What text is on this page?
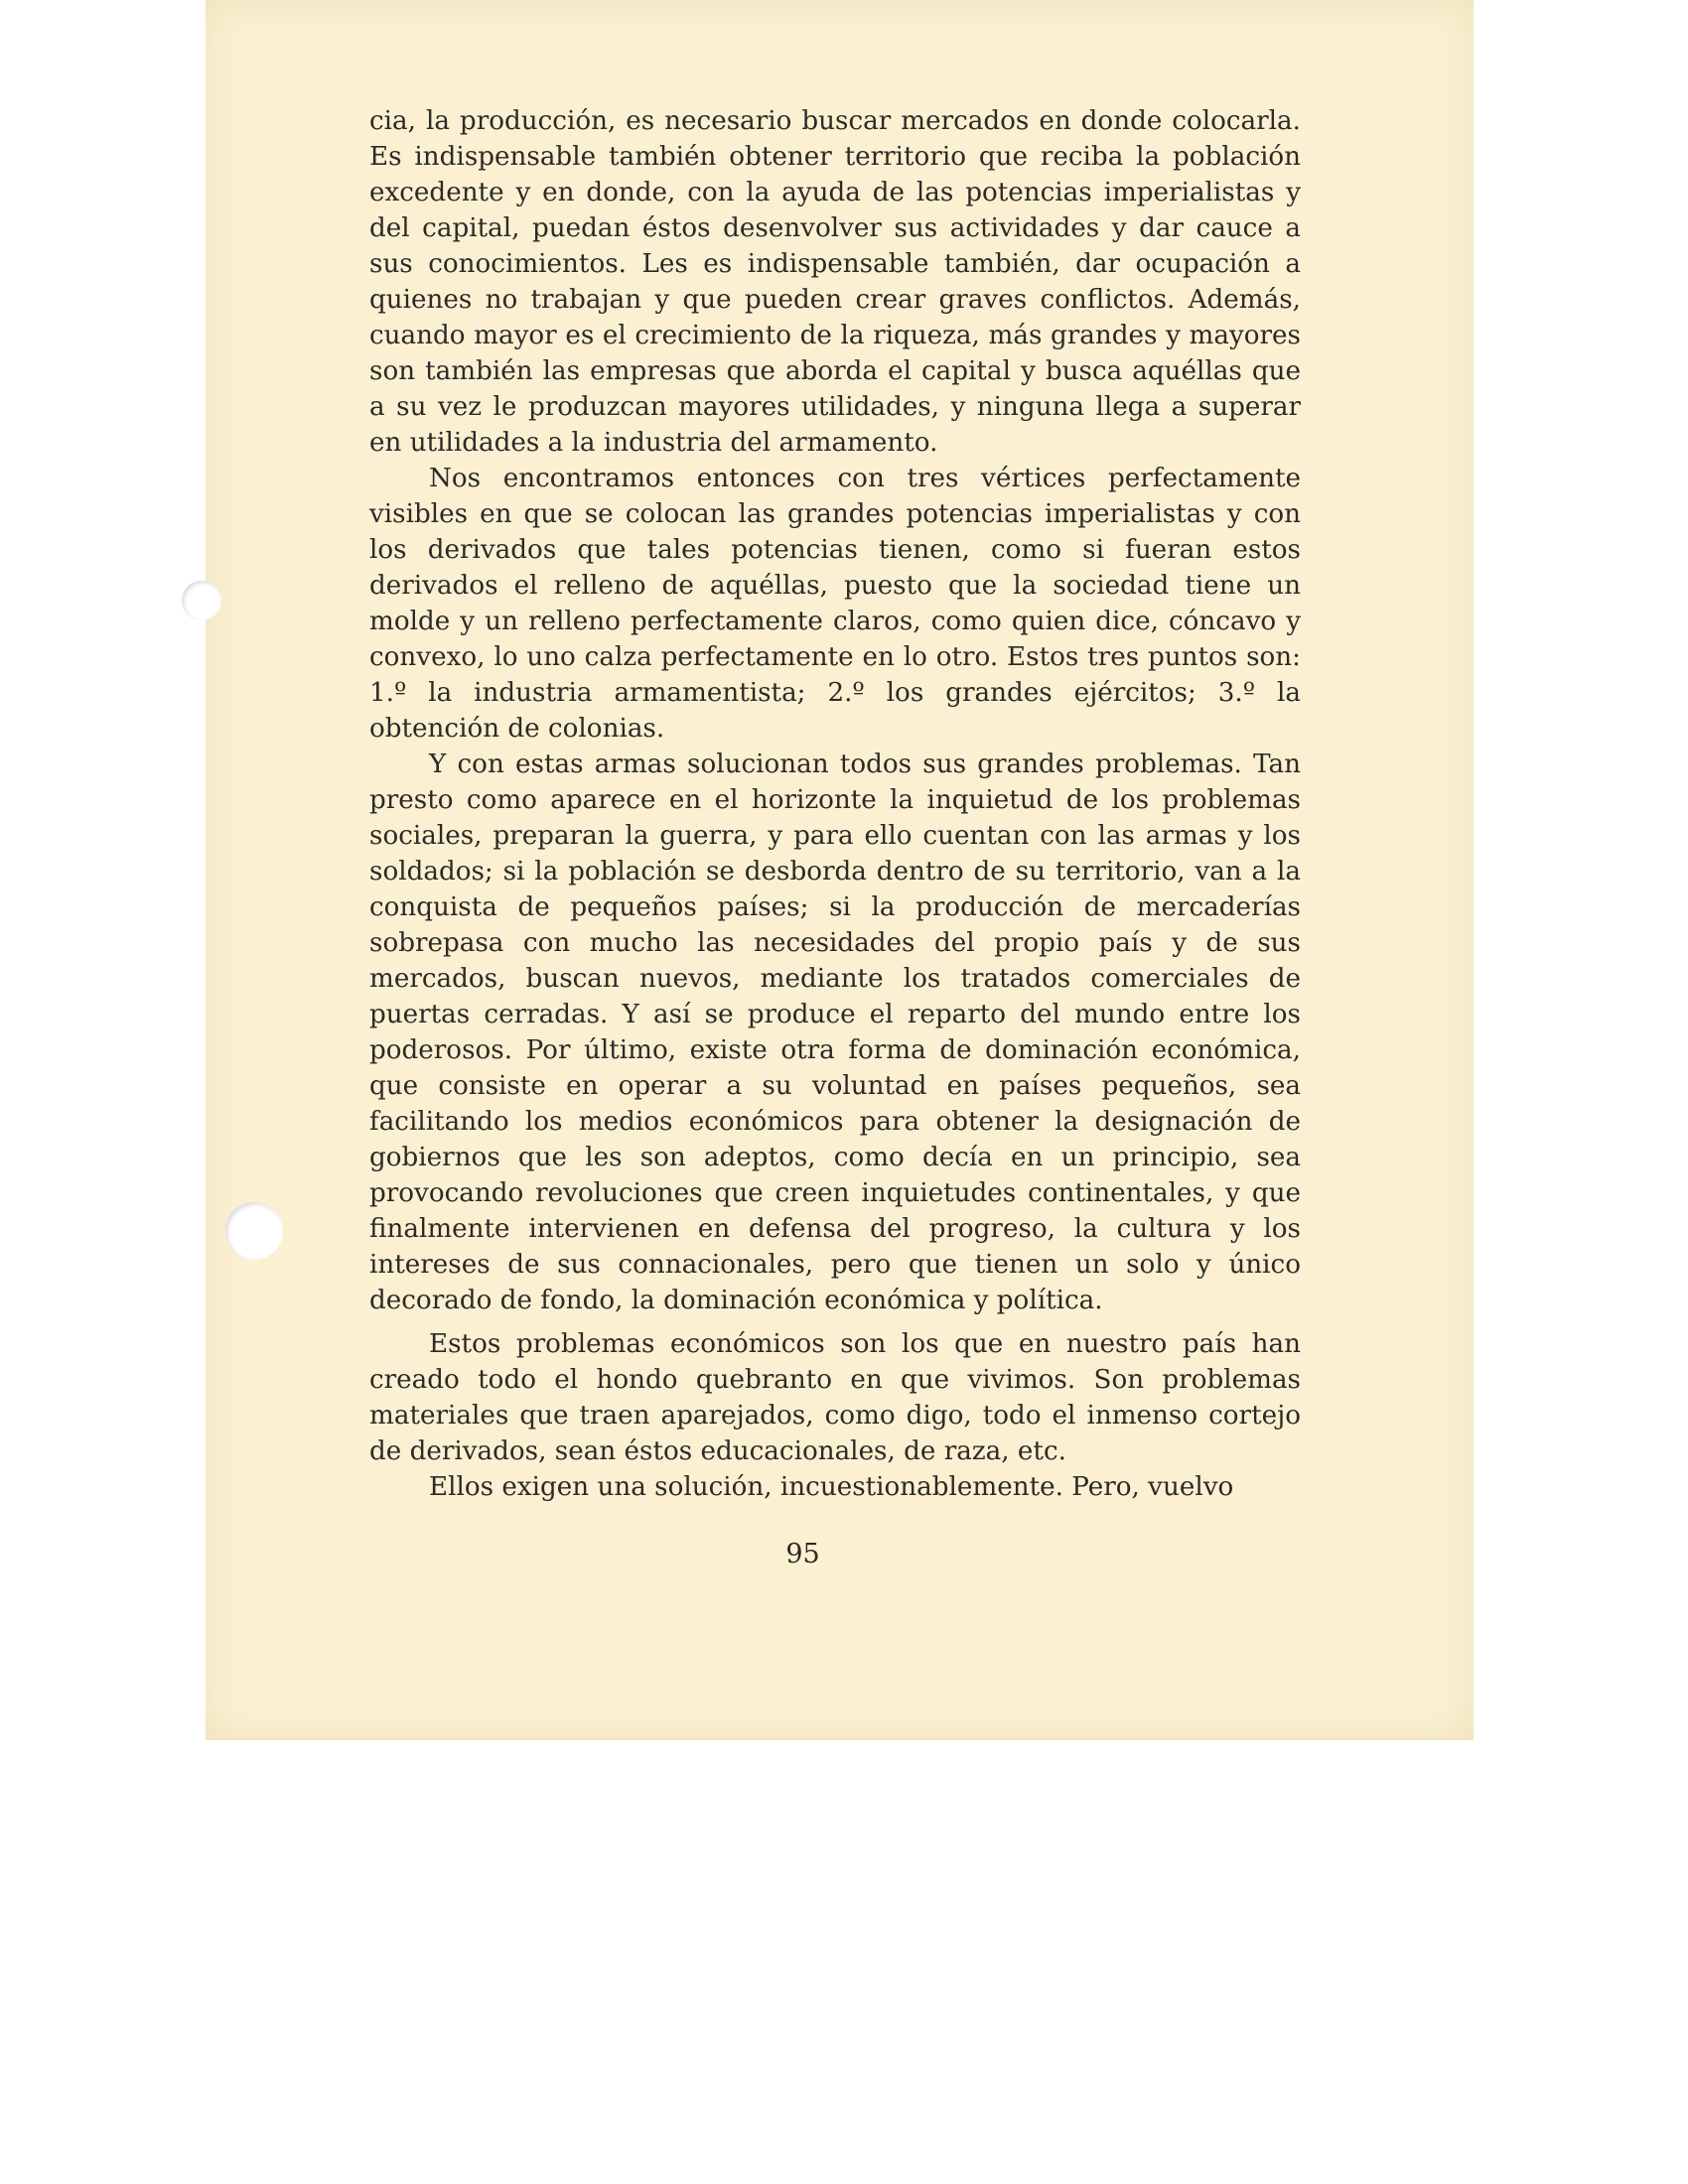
cia, la producción, es necesario buscar mercados en donde colocarla. Es indispensable también obtener territorio que reciba la población excedente y en donde, con la ayuda de las potencias imperialistas y del capital, puedan éstos desenvolver sus actividades y dar cauce a sus conocimientos. Les es indispensable también, dar ocupación a quienes no trabajan y que pueden crear graves conflictos. Además, cuando mayor es el crecimiento de la riqueza, más grandes y mayores son también las empresas que aborda el capital y busca aquéllas que a su vez le produzcan mayores utilidades, y ninguna llega a superar en utilidades a la industria del armamento.

Nos encontramos entonces con tres vértices perfectamente visibles en que se colocan las grandes potencias imperialistas y con los derivados que tales potencias tienen, como si fueran estos derivados el relleno de aquéllas, puesto que la sociedad tiene un molde y un relleno perfectamente claros, como quien dice, cóncavo y convexo, lo uno calza perfectamente en lo otro. Estos tres puntos son: 1.º la industria armamentista; 2.º los grandes ejércitos; 3.º la obtención de colonias.

Y con estas armas solucionan todos sus grandes problemas. Tan presto como aparece en el horizonte la inquietud de los problemas sociales, preparan la guerra, y para ello cuentan con las armas y los soldados; si la población se desborda dentro de su territorio, van a la conquista de pequeños países; si la producción de mercaderías sobrepasa con mucho las necesidades del propio país y de sus mercados, buscan nuevos, mediante los tratados comerciales de puertas cerradas. Y así se produce el reparto del mundo entre los poderosos. Por último, existe otra forma de dominación económica, que consiste en operar a su voluntad en países pequeños, sea facilitando los medios económicos para obtener la designación de gobiernos que les son adeptos, como decía en un principio, sea provocando revoluciones que creen inquietudes continentales, y que finalmente intervienen en defensa del progreso, la cultura y los intereses de sus connacionales, pero que tienen un solo y único decorado de fondo, la dominación económica y política.

Estos problemas económicos son los que en nuestro país han creado todo el hondo quebranto en que vivimos. Son problemas materiales que traen aparejados, como digo, todo el inmenso cortejo de derivados, sean éstos educacionales, de raza, etc.

Ellos exigen una solución, incuestionablemente. Pero, vuelvo

95
